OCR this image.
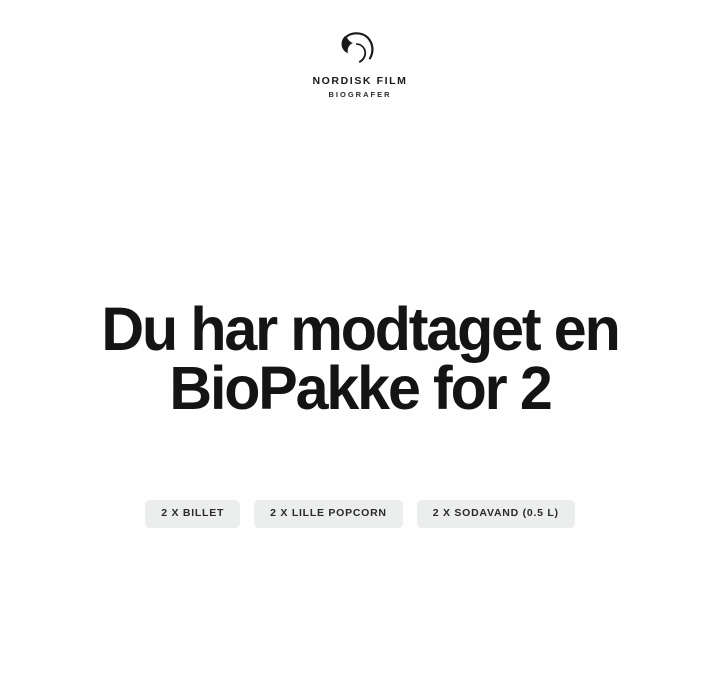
NORDISK FILM
BIOGRAFER
Du har modtaget en
BioPakke for 2
2 X BILLET	2 X LILLE POPCORN	2 X SODAVAND (0.5 L)
